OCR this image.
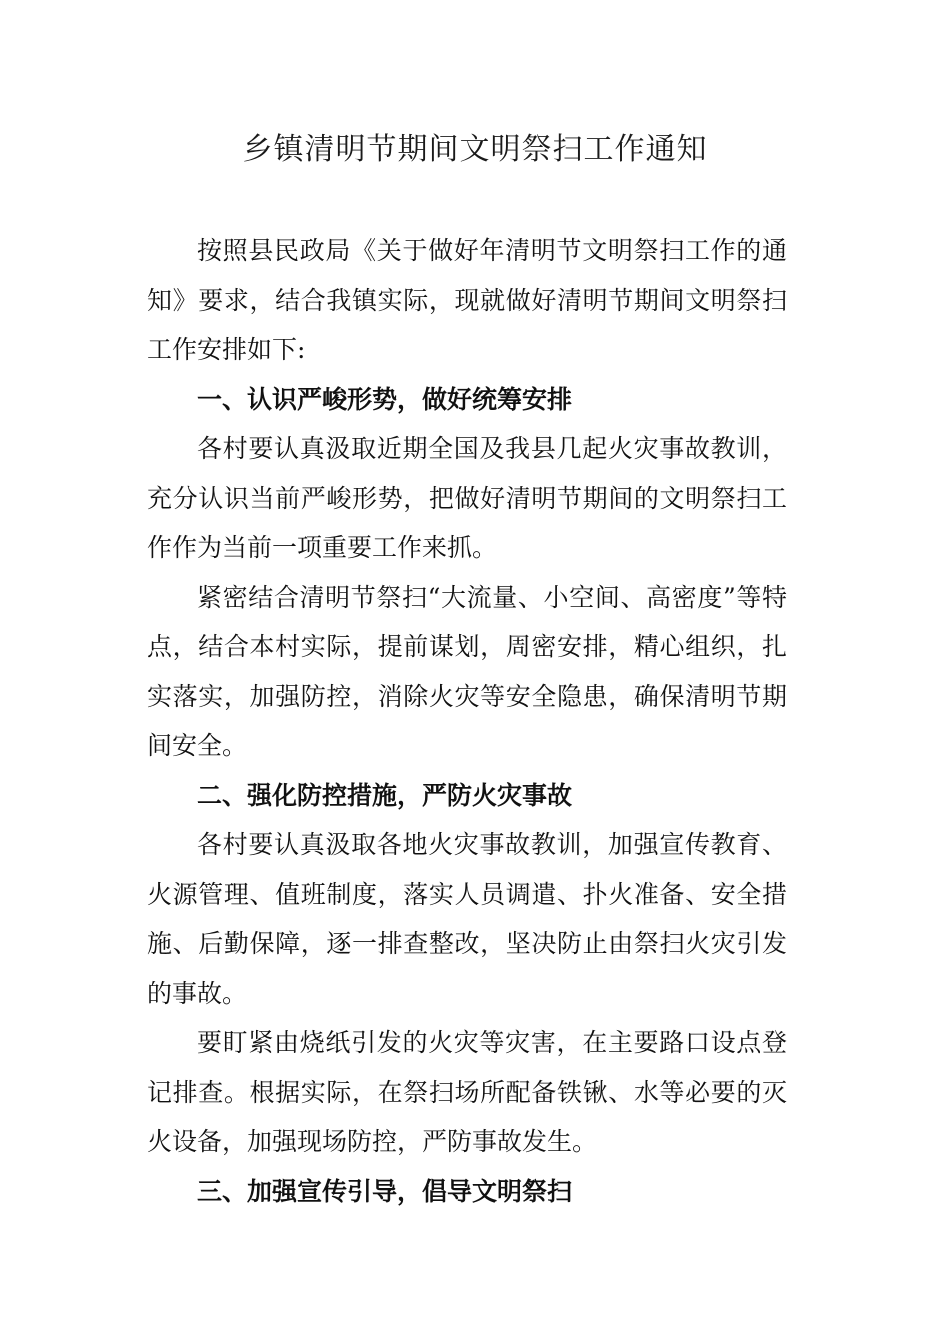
乡镇清明节期间文明祭扫工作通知

按照县民政局《关于做好年清明节文明祭扫工作的通知》要求，结合我镇实际，现就做好清明节期间文明祭扫工作安排如下:

一、认识严峻形势，做好统筹安排

各村要认真汲取近期全国及我县几起火灾事故教训，充分认识当前严峻形势，把做好清明节期间的文明祭扫工作作为当前一项重要工作来抓。

紧密结合清明节祭扫“大流量、小空间、高密度”等特点，结合本村实际，提前谋划，周密安排，精心组织，扎实落实，加强防控，消除火灾等安全隐患，确保清明节期间安全。

二、强化防控措施，严防火灾事故

各村要认真汲取各地火灾事故教训，加强宣传教育、火源管理、值班制度，落实人员调遣、扑火准备、安全措施、后勤保障，逐一排查整改，坚决防止由祭扫火灾引发的事故。

要盯紧由烧纸引发的火灾等灾害，在主要路口设点登记排查。根据实际，在祭扫场所配备铁锹、水等必要的灭火设备，加强现场防控，严防事故发生。

三、加强宣传引导，倡导文明祭扫
